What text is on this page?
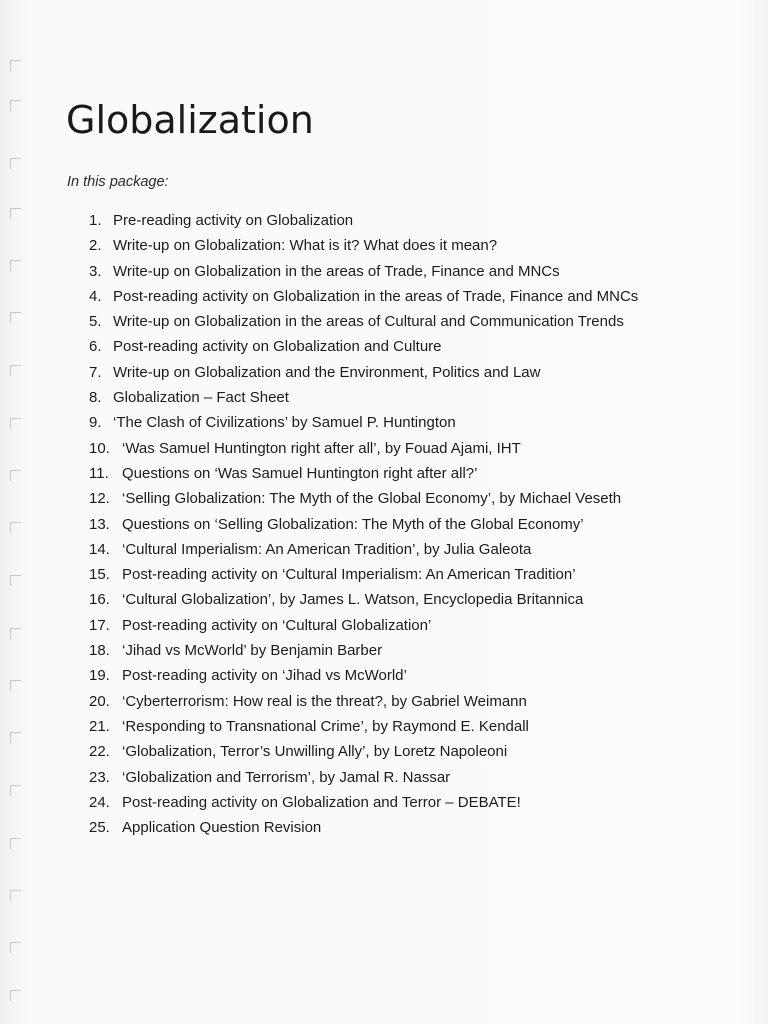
Globalization

In this package:

1. Pre-reading activity on Globalization
2. Write-up on Globalization: What is it? What does it mean?
3. Write-up on Globalization in the areas of Trade, Finance and MNCs
4. Post-reading activity on Globalization in the areas of Trade, Finance and MNCs
5. Write-up on Globalization in the areas of Cultural and Communication Trends
6. Post-reading activity on Globalization and Culture
7. Write-up on Globalization and the Environment, Politics and Law
8. Globalization – Fact Sheet
9. ‘The Clash of Civilizations’ by Samuel P. Huntington
10. ‘Was Samuel Huntington right after all’, by Fouad Ajami, IHT
11. Questions on ‘Was Samuel Huntington right after all?’
12. ‘Selling Globalization: The Myth of the Global Economy’, by Michael Veseth
13. Questions on ‘Selling Globalization: The Myth of the Global Economy’
14. ‘Cultural Imperialism: An American Tradition’, by Julia Galeota
15. Post-reading activity on ‘Cultural Imperialism: An American Tradition’
16. ‘Cultural Globalization’, by James L. Watson, Encyclopedia Britannica
17. Post-reading activity on ‘Cultural Globalization’
18. ‘Jihad vs McWorld’ by Benjamin Barber
19. Post-reading activity on ‘Jihad vs McWorld’
20. ‘Cyberterrorism: How real is the threat?, by Gabriel Weimann
21. ‘Responding to Transnational Crime’, by Raymond E. Kendall
22. ‘Globalization, Terror’s Unwilling Ally’, by Loretz Napoleoni
23. ‘Globalization and Terrorism’, by Jamal R. Nassar
24. Post-reading activity on Globalization and Terror – DEBATE!
25. Application Question Revision
